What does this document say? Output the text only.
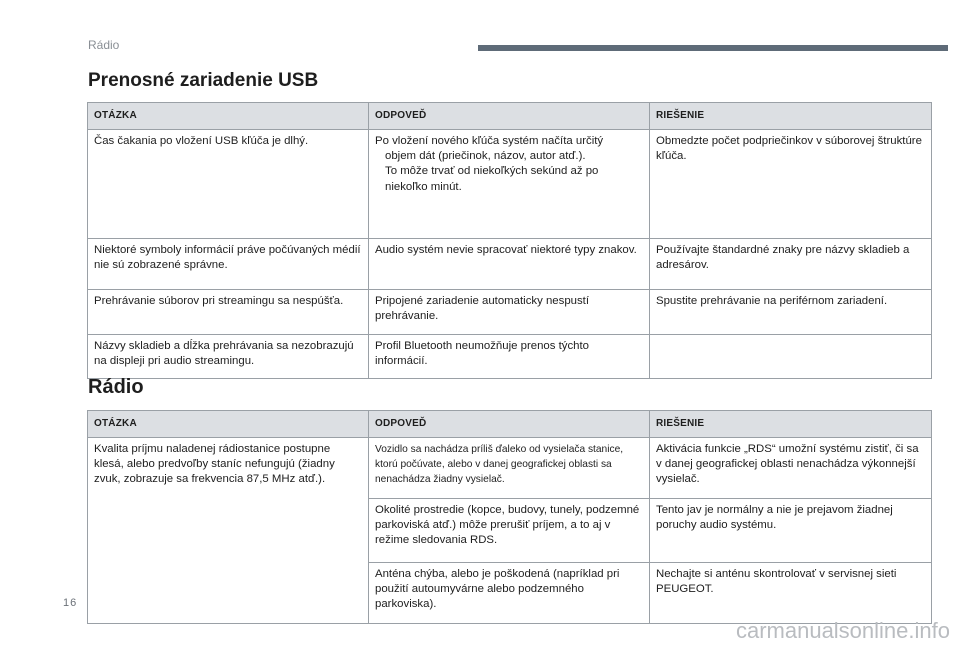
Rádio
Prenosné zariadenie USB
OTÁZKA	ODPOVEĎ	RIEŠENIE
Čas čakania po vložení USB kľúča je dlhý.	Po vložení nového kľúča systém načíta určitý
objem dát (priečinok, názov, autor atď.).
To môže trvať od niekoľkých sekúnd až po
niekoľko minút.	Obmedzte počet podpriečinkov v súborovej štruktúre kľúča.
Niektoré symboly informácií práve počúvaných médií nie sú zobrazené správne.	Audio systém nevie spracovať niektoré typy znakov.	Používajte štandardné znaky pre názvy skladieb a adresárov.
Prehrávanie súborov pri streamingu sa nespúšťa.	Pripojené zariadenie automaticky nespustí prehrávanie.	Spustite prehrávanie na periférnom zariadení.
Názvy skladieb a dĺžka prehrávania sa nezobrazujú na displeji pri audio streamingu.	Profil Bluetooth neumožňuje prenos týchto informácií.	
Rádio
OTÁZKA	ODPOVEĎ	RIEŠENIE
Kvalita príjmu naladenej rádiostanice postupne klesá, alebo predvoľby staníc nefungujú (žiadny zvuk, zobrazuje sa frekvencia 87,5 MHz atď.).	Vozidlo sa nachádza príliš ďaleko od vysielača stanice, ktorú počúvate, alebo v danej geografickej oblasti sa nenachádza žiadny vysielač.	Aktivácia funkcie „RDS“ umožní systému zistiť, či sa v danej geografickej oblasti nenachádza výkonnejší vysielač.
	Okolité prostredie (kopce, budovy, tunely, podzemné parkoviská atď.) môže prerušiť príjem, a to aj v režime sledovania RDS.	Tento jav je normálny a nie je prejavom žiadnej poruchy audio systému.
	Anténa chýba, alebo je poškodená (napríklad pri použití autoumyvárne alebo podzemného parkoviska).	Nechajte si anténu skontrolovať v servisnej sieti PEUGEOT.
16
carmanualsonline.info
